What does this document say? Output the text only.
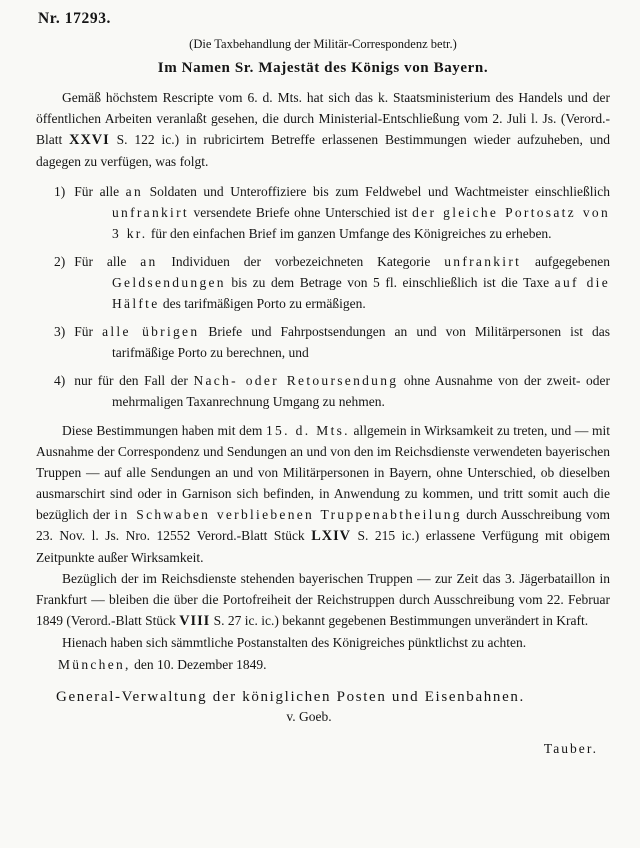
Nr. 17293.
(Die Taxbehandlung der Militär-Correspondenz betr.)
Im Namen Sr. Majestät des Königs von Bayern.

Gemäß höchstem Rescripte vom 6. d. Mts. hat sich das k. Staatsministerium des Handels und der öffentlichen Arbeiten veranlaßt gesehen, die durch Ministerial-Entschließung vom 2. Juli l. Js. (Verord.-Blatt XXVI S. 122 ic.) in rubricirtem Betreffe erlassenen Bestimmungen wieder aufzuheben, und dagegen zu verfügen, was folgt.

1) Für alle an Soldaten und Unteroffiziere bis zum Feldwebel und Wachtmeister einschließlich unfrankirt versendete Briefe ohne Unterschied ist der gleiche Portosatz von 3 kr. für den einfachen Brief im ganzen Umfange des Königreiches zu erheben.
2) Für alle an Individuen der vorbezeichneten Kategorie unfrankirt aufgegebenen Geldsendungen bis zu dem Betrage von 5 fl. einschließlich ist die Taxe auf die Hälfte des tarifmäßigen Porto zu ermäßigen.
3) Für alle übrigen Briefe und Fahrpostsendungen an und von Militärpersonen ist das tarifmäßige Porto zu berechnen, und
4) nur für den Fall der Nach- oder Retoursendung ohne Ausnahme von der zweit- oder mehrmaligen Taxanrechnung Umgang zu nehmen.

Diese Bestimmungen haben mit dem 15. d. Mts. allgemein in Wirksamkeit zu treten, und — mit Ausnahme der Correspondenz und Sendungen an und von den im Reichsdienste verwendeten bayerischen Truppen — auf alle Sendungen an und von Militärpersonen in Bayern, ohne Unterschied, ob dieselben ausmarschirt sind oder in Garnison sich befinden, in Anwendung zu kommen, und tritt somit auch die bezüglich der in Schwaben verbliebenen Truppenabtheilung durch Ausschreibung vom 23. Nov. l. Js. Nro. 12552 Verord.-Blatt Stück LXIV S. 215 ic.) erlassene Verfügung mit obigem Zeitpunkte außer Wirksamkeit.

Bezüglich der im Reichsdienste stehenden bayerischen Truppen — zur Zeit das 3. Jägerbataillon in Frankfurt — bleiben die über die Portofreiheit der Reichstruppen durch Ausschreibung vom 22. Februar 1849 (Verord.-Blatt Stück VIII S. 27 ic. ic.) bekannt gegebenen Bestimmungen unverändert in Kraft.

Hienach haben sich sämmtliche Postanstalten des Königreiches pünktlichst zu achten.

München, den 10. Dezember 1849.

General-Verwaltung der königlichen Posten und Eisenbahnen.
v. Goeb.
Tauber.
